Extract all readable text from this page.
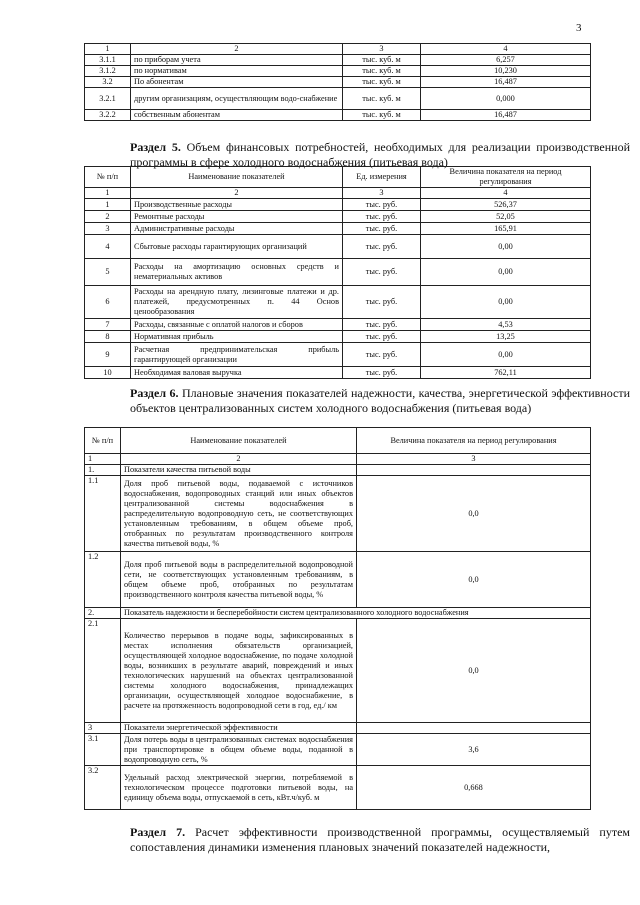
3
1	2	3	4
3.1.1	по приборам учета	тыс. куб. м	6,257
3.1.2	по нормативам	тыс. куб. м	10,230
3.2	По абонентам	тыс. куб. м	16,487
3.2.1	другим организациям, осуществляющим водо-снабжение	тыс. куб. м	0,000
3.2.2	собственным абонентам	тыс. куб. м	16,487
Раздел 5. Объем финансовых потребностей, необходимых для реализации производственной программы в сфере холодного водоснабжения (питьевая вода)
№ п/п	Наименование показателей	Ед. измерения	Величина показателя на период регулирования
1	2	3	4
1	Производственные расходы	тыс. руб.	526,37
2	Ремонтные расходы	тыс. руб.	52,05
3	Административные расходы	тыс. руб.	165,91
4	Сбытовые расходы гарантирующих организаций	тыс. руб.	0,00
5	Расходы на амортизацию основных средств и нематериальных активов	тыс. руб.	0,00
6	Расходы на арендную плату, лизинговые платежи и др. платежей, предусмотренных п. 44 Основ ценообразования	тыс. руб.	0,00
7	Расходы, связанные с оплатой налогов и сборов	тыс. руб.	4,53
8	Нормативная прибыль	тыс. руб.	13,25
9	Расчетная предпринимательская прибыль гарантирующей организации	тыс. руб.	0,00
10	Необходимая валовая выручка	тыс. руб.	762,11
Раздел 6. Плановые значения показателей надежности, качества, энергетической эффективности объектов централизованных систем холодного водоснабжения (питьевая вода)
№ п/п	Наименование показателей	Величина показателя на период регулирования
1	2	3
1.	Показатели качества питьевой воды	
1.1	Доля проб питьевой воды, подаваемой с источников водоснабжения, водопроводных станций или иных объектов централизованной системы водоснабжения в распределительную водопроводную сеть, не соответствующих установленным требованиям, в общем объеме проб, отобранных по результатам производственного контроля качества питьевой воды, %	0,0
1.2	Доля проб питьевой воды в распределительной водопроводной сети, не соответствующих установленным требованиям, в общем объеме проб, отобранных по результатам производственного контроля качества питьевой воды, %	0,0
2.	Показатель надежности и бесперебойности систем централизованного холодного водоснабжения	
2.1	Количество перерывов в подаче воды, зафиксированных в местах исполнения обязательств организацией, осуществляющей холодное водоснабжение, по подаче холодной воды, возникших в результате аварий, повреждений и иных технологических нарушений на объектах централизованной системы холодного водоснабжения, принадлежащих организации, осуществляющей холодное водоснабжение, в расчете на протяженность водопроводной сети в год, ед./ км	0,0
3	Показатели энергетической эффективности	
3.1	Доля потерь воды в централизованных системах водоснабжения при транспортировке в общем объеме воды, поданной в водопроводную сеть, %	3,6
3.2	Удельный расход электрической энергии, потребляемой в технологическом процессе подготовки питьевой воды, на единицу объема воды, отпускаемой в сеть, кВт.ч/куб. м	0,668
Раздел 7. Расчет эффективности производственной программы, осуществляемый путем сопоставления динамики изменения плановых значений показателей надежности,
